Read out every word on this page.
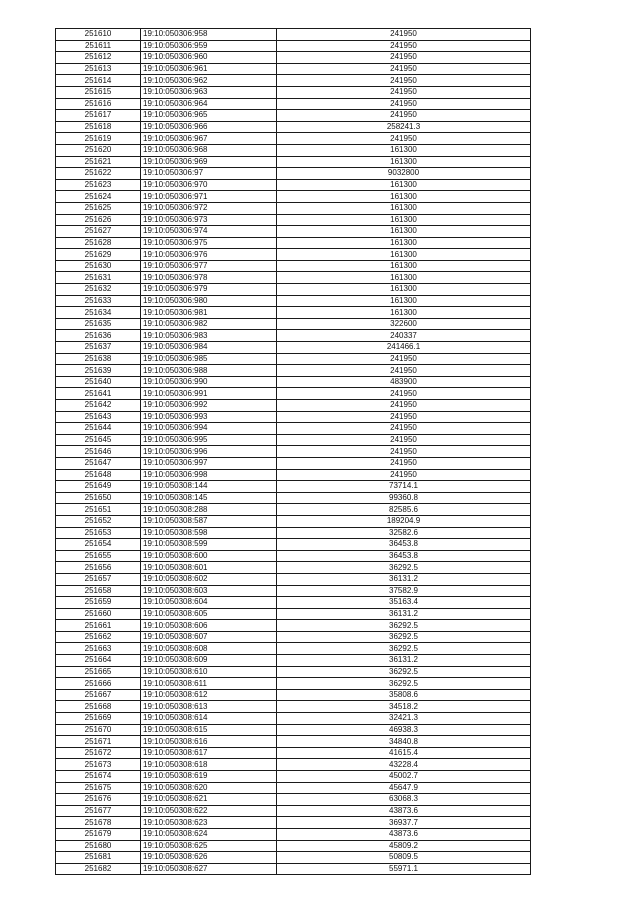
251610	19:10:050306:958	241950
251611	19:10:050306:959	241950
251612	19:10:050306:960	241950
251613	19:10:050306:961	241950
251614	19:10:050306:962	241950
251615	19:10:050306:963	241950
251616	19:10:050306:964	241950
251617	19:10:050306:965	241950
251618	19:10:050306:966	258241.3
251619	19:10:050306:967	241950
251620	19:10:050306:968	161300
251621	19:10:050306:969	161300
251622	19:10:050306:97	9032800
251623	19:10:050306:970	161300
251624	19:10:050306:971	161300
251625	19:10:050306:972	161300
251626	19:10:050306:973	161300
251627	19:10:050306:974	161300
251628	19:10:050306:975	161300
251629	19:10:050306:976	161300
251630	19:10:050306:977	161300
251631	19:10:050306:978	161300
251632	19:10:050306:979	161300
251633	19:10:050306:980	161300
251634	19:10:050306:981	161300
251635	19:10:050306:982	322600
251636	19:10:050306:983	240337
251637	19:10:050306:984	241466.1
251638	19:10:050306:985	241950
251639	19:10:050306:988	241950
251640	19:10:050306:990	483900
251641	19:10:050306:991	241950
251642	19:10:050306:992	241950
251643	19:10:050306:993	241950
251644	19:10:050306:994	241950
251645	19:10:050306:995	241950
251646	19:10:050306:996	241950
251647	19:10:050306:997	241950
251648	19:10:050306:998	241950
251649	19:10:050308:144	73714.1
251650	19:10:050308:145	99360.8
251651	19:10:050308:288	82585.6
251652	19:10:050308:587	189204.9
251653	19:10:050308:598	32582.6
251654	19:10:050308:599	36453.8
251655	19:10:050308:600	36453.8
251656	19:10:050308:601	36292.5
251657	19:10:050308:602	36131.2
251658	19:10:050308:603	37582.9
251659	19:10:050308:604	35163.4
251660	19:10:050308:605	36131.2
251661	19:10:050308:606	36292.5
251662	19:10:050308:607	36292.5
251663	19:10:050308:608	36292.5
251664	19:10:050308:609	36131.2
251665	19:10:050308:610	36292.5
251666	19:10:050308:611	36292.5
251667	19:10:050308:612	35808.6
251668	19:10:050308:613	34518.2
251669	19:10:050308:614	32421.3
251670	19:10:050308:615	46938.3
251671	19:10:050308:616	34840.8
251672	19:10:050308:617	41615.4
251673	19:10:050308:618	43228.4
251674	19:10:050308:619	45002.7
251675	19:10:050308:620	45647.9
251676	19:10:050308:621	63068.3
251677	19:10:050308:622	43873.6
251678	19:10:050308:623	36937.7
251679	19:10:050308:624	43873.6
251680	19:10:050308:625	45809.2
251681	19:10:050308:626	50809.5
251682	19:10:050308:627	55971.1
